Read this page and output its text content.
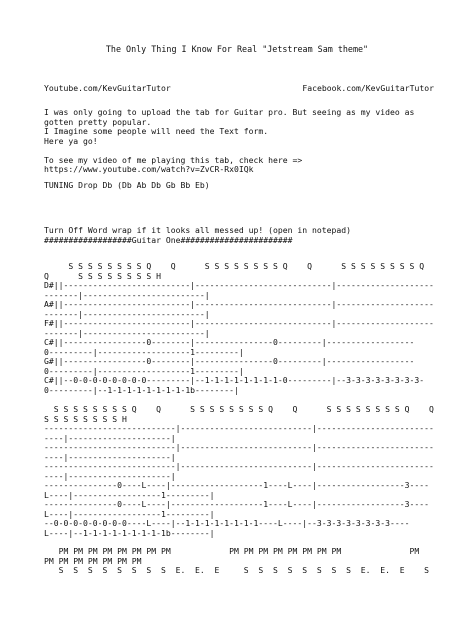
The Only Thing I Know For Real "Jetstream Sam theme"
Youtube.com/KevGuitarTutor	Facebook.com/KevGuitarTutor
I was only going to upload the tab for Guitar pro. But seeing as my video as gotten pretty popular.
I Imagine some people will need the Text form.
Here ya go!

To see my video of me playing this tab, check here =>
https://www.youtube.com/watch?v=ZvCR-Rx0IQk
TUNING Drop Db (Db Ab Db Gb Bb Eb)
Turn Off Word wrap if it looks all messed up! (open in notepad)
##################Guitar One#######################
S S S S S S S S Q    Q      S S S S S S S S Q    Q      S S S S S S S S Q
Q      S S S S S S S S H
D#||--------------------------|----------------------------|--------------------
-------|-------------------------|
A#||--------------------------|----------------------------|--------------------
-------|-------------------------|
F#||--------------------------|----------------------------|--------------------
-------|-------------------------|
C#||-----------------0--------|----------------0---------|------------------
0---------|-------------------1---------|
G#||-----------------0--------|----------------0---------|------------------
0---------|-------------------1---------|
C#||--0-0-0-0-0-0-0-0---------|--1-1-1-1-1-1-1-1-0---------|--3-3-3-3-3-3-3-3-
0---------|--1-1-1-1-1-1-1-1-1b--------|
S S S S S S S S Q    Q      S S S S S S S S Q    Q      S S S S S S S S Q    Q
S S S S S S S S H
---------------------------|---------------------------|------------------------
----|---------------------|
---------------------------|---------------------------|------------------------
----|---------------------|
---------------------------|---------------------------|------------------------
----|---------------------|
---------------0----L----|-------------------1----L----|------------------3----
L----|------------------1---------|
---------------0----L----|-------------------1----L----|------------------3----
L----|------------------1---------|
--0-0-0-0-0-0-0-0----L----|--1-1-1-1-1-1-1-1----L----|--3-3-3-3-3-3-3-3----
L----|--1-1-1-1-1-1-1-1-1b--------|
PM PM PM PM PM PM PM PM            PM PM PM PM PM PM PM PM              PM
PM PM PM PM PM PM PM
S  S  S  S  S  S  S  S  E.  E.  E     S  S  S  S  S  S  S  S  E.  E.  E    S
